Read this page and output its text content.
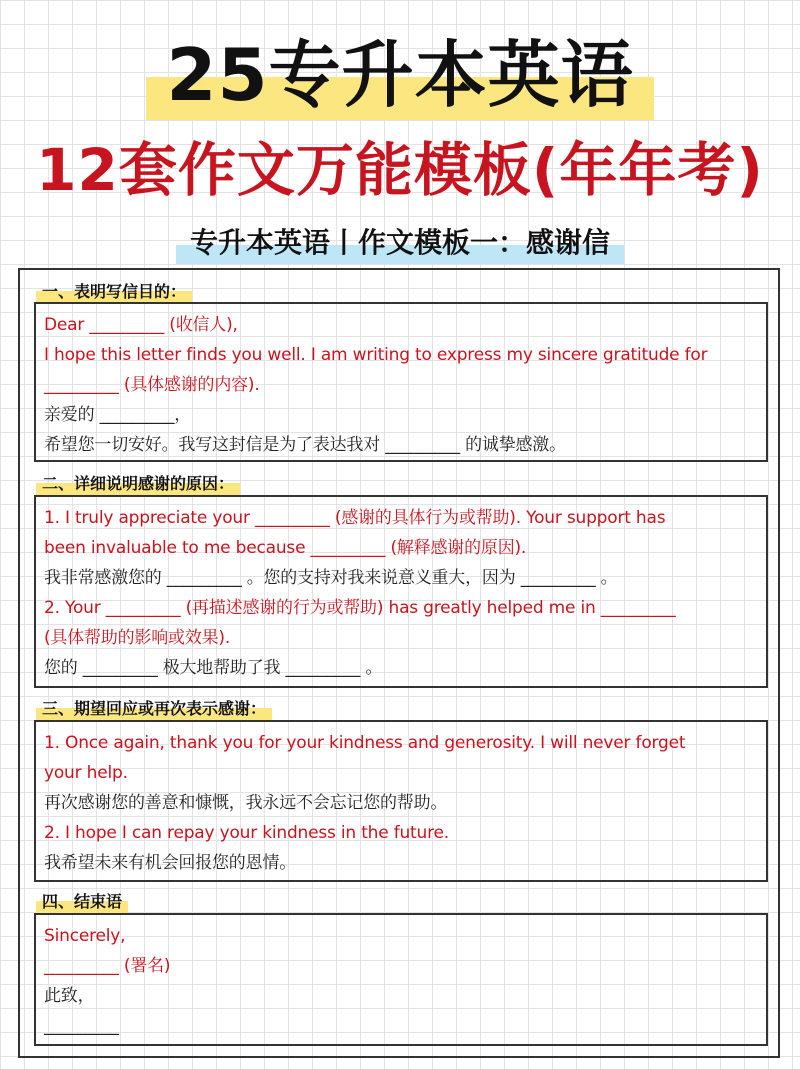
25专升本英语
12套作文万能模板(年年考)
专升本英语丨作文模板一：感谢信
一、表明写信目的：
Dear _________ (收信人),
I hope this letter finds you well. I am writing to express my sincere gratitude for
_________ (具体感谢的内容).
亲爱的 _________，
希望您一切安好。我写这封信是为了表达我对 _________ 的诚挚感激。
二、详细说明感谢的原因：
1. I truly appreciate your _________ (感谢的具体行为或帮助). Your support has
been invaluable to me because _________ (解释感谢的原因).
我非常感激您的 _________ 。您的支持对我来说意义重大，因为 _________ 。
2. Your _________ (再描述感谢的行为或帮助) has greatly helped me in _________
(具体帮助的影响或效果).
您的 _________ 极大地帮助了我 _________ 。
三、期望回应或再次表示感谢：
1. Once again, thank you for your kindness and generosity. I will never forget
your help.
再次感谢您的善意和慷慨，我永远不会忘记您的帮助。
2. I hope I can repay your kindness in the future.
我希望未来有机会回报您的恩情。
四、结束语
Sincerely,
_________ (署名)
此致，
_________
